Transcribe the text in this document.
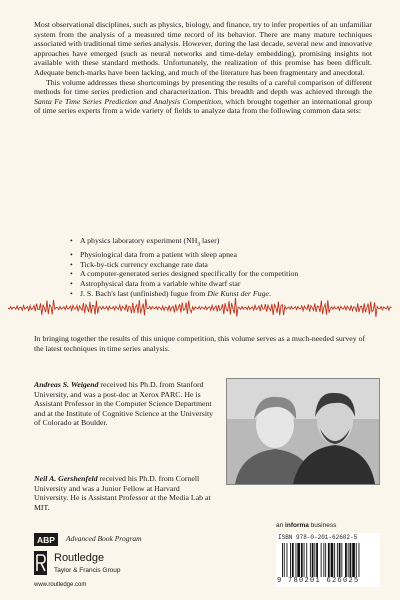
Most observational disciplines, such as physics, biology, and finance, try to infer properties of an unfamiliar system from the analysis of a measured time record of its behavior. There are many mature techniques associated with traditional time series analysis. However, during the last decade, several new and innovative approaches have emerged (such as neural networks and time-delay embedding), promising insights not available with these standard methods. Unfortunately, the realization of this promise has been difficult. Adequate bench-marks have been lacking, and much of the literature has been fragmentary and anecdotal.
This volume addresses these shortcomings by presenting the results of a careful comparison of different methods for time series prediction and characterization. This breadth and depth was achieved through the Santa Fe Time Series Prediction and Analysis Competition, which brought together an international group of time series experts from a wide variety of fields to analyze data from the following common data sets:

• A physics laboratory experiment ($NH_3$ laser)
• Physiological data from a patient with sleep apnea
• Tick-by-tick currency exchange rate data
• A computer-generated series designed specifically for the competition
• Astrophysical data from a variable white dwarf star
• J. S. Bach's last (unfinished) fugue from Die Kunst der Fuge.

In bringing together the results of this unique competition, this volume serves as a much-needed survey of the latest techniques in time series analysis.

Andreas S. Weigend received his Ph.D. from Stanford University, and was a post-doc at Xerox PARC. He is Assistant Professor in the Computer Science Department and at the Institute of Cognitive Science at the University of Colorado at Boulder.

Neil A. Gershenfeld received his Ph.D. from Cornell University and was a Junior Fellow at Harvard University. He is Assistant Professor at the Media Lab at MIT.

ABP	Advanced Book Program
Routledge
Taylor & Francis Group
www.routledge.com
an informa business
ISBN 978-0-201-62602-5
9 780201 626025
